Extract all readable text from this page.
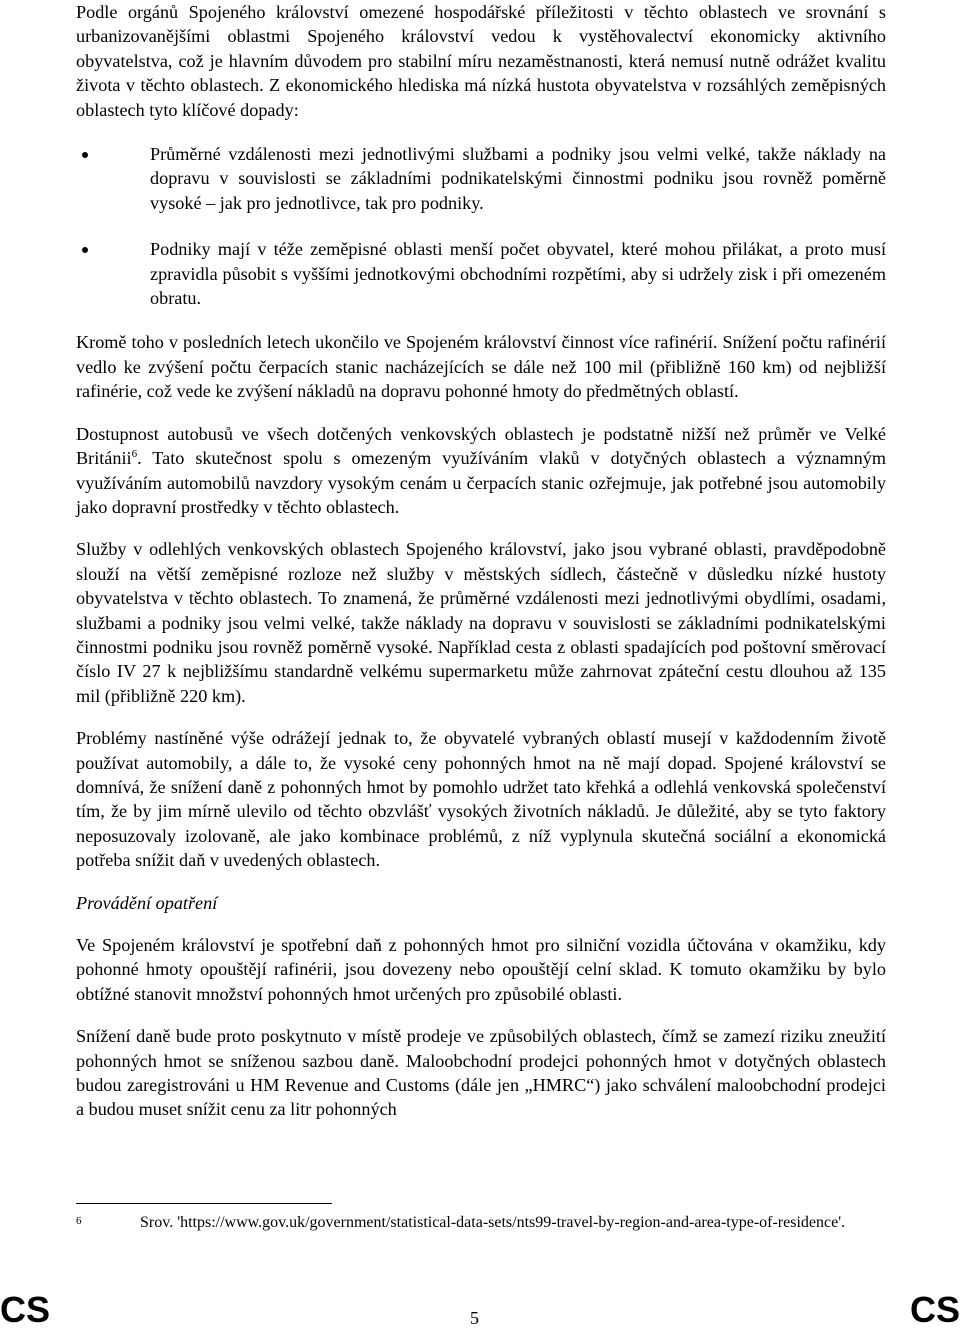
Podle orgánů Spojeného království omezené hospodářské příležitosti v těchto oblastech ve srovnání s urbanizovanějšími oblastmi Spojeného království vedou k vystěhovalectví ekonomicky aktivního obyvatelstva, což je hlavním důvodem pro stabilní míru nezaměstnanosti, která nemusí nutně odrážet kvalitu života v těchto oblastech. Z ekonomického hlediska má nízká hustota obyvatelstva v rozsáhlých zeměpisných oblastech tyto klíčové dopady:

Průměrné vzdálenosti mezi jednotlivými službami a podniky jsou velmi velké, takže náklady na dopravu v souvislosti se základními podnikatelskými činnostmi podniku jsou rovněž poměrně vysoké – jak pro jednotlivce, tak pro podniky.
Podniky mají v téže zeměpisné oblasti menší počet obyvatel, které mohou přilákat, a proto musí zpravidla působit s vyššími jednotkovými obchodními rozpětími, aby si udržely zisk i při omezeném obratu.

Kromě toho v posledních letech ukončilo ve Spojeném království činnost více rafinérií. Snížení počtu rafinérií vedlo ke zvýšení počtu čerpacích stanic nacházejících se dále než 100 mil (přibližně 160 km) od nejbližší rafinérie, což vede ke zvýšení nákladů na dopravu pohonné hmoty do předmětných oblastí.

Dostupnost autobusů ve všech dotčených venkovských oblastech je podstatně nižší než průměr ve Velké Británii$^6$. Tato skutečnost spolu s omezeným využíváním vlaků v dotyčných oblastech a významným využíváním automobilů navzdory vysokým cenám u čerpacích stanic ozřejmuje, jak potřebné jsou automobily jako dopravní prostředky v těchto oblastech.

Služby v odlehlých venkovských oblastech Spojeného království, jako jsou vybrané oblasti, pravděpodobně slouží na větší zeměpisné rozloze než služby v městských sídlech, částečně v důsledku nízké hustoty obyvatelstva v těchto oblastech. To znamená, že průměrné vzdálenosti mezi jednotlivými obydlími, osadami, službami a podniky jsou velmi velké, takže náklady na dopravu v souvislosti se základními podnikatelskými činnostmi podniku jsou rovněž poměrně vysoké. Například cesta z oblasti spadajících pod poštovní směrovací číslo IV 27 k nejbližšímu standardně velkému supermarketu může zahrnovat zpáteční cestu dlouhou až 135 mil (přibližně 220 km).

Problémy nastíněné výše odrážejí jednak to, že obyvatelé vybraných oblastí musejí v každodenním životě používat automobily, a dále to, že vysoké ceny pohonných hmot na ně mají dopad. Spojené království se domnívá, že snížení daně z pohonných hmot by pomohlo udržet tato křehká a odlehlá venkovská společenství tím, že by jim mírně ulevilo od těchto obzvlášť vysokých životních nákladů. Je důležité, aby se tyto faktory neposuzovaly izolovaně, ale jako kombinace problémů, z níž vyplynula skutečná sociální a ekonomická potřeba snížit daň v uvedených oblastech.

Provádění opatření

Ve Spojeném království je spotřební daň z pohonných hmot pro silniční vozidla účtována v okamžiku, kdy pohonné hmoty opouštějí rafinérii, jsou dovezeny nebo opouštějí celní sklad. K tomuto okamžiku by bylo obtížné stanovit množství pohonných hmot určených pro způsobilé oblasti.

Snížení daně bude proto poskytnuto v místě prodeje ve způsobilých oblastech, čímž se zamezí riziku zneužití pohonných hmot se sníženou sazbou daně. Maloobchodní prodejci pohonných hmot v dotyčných oblastech budou zaregistrováni u HM Revenue and Customs (dále jen „HMRC“) jako schválení maloobchodní prodejci a budou muset snížit cenu za litr pohonných

6	Srov. 'https://www.gov.uk/government/statistical-data-sets/nts99-travel-by-region-and-area-type-of-residence'.
CS	5	CS
